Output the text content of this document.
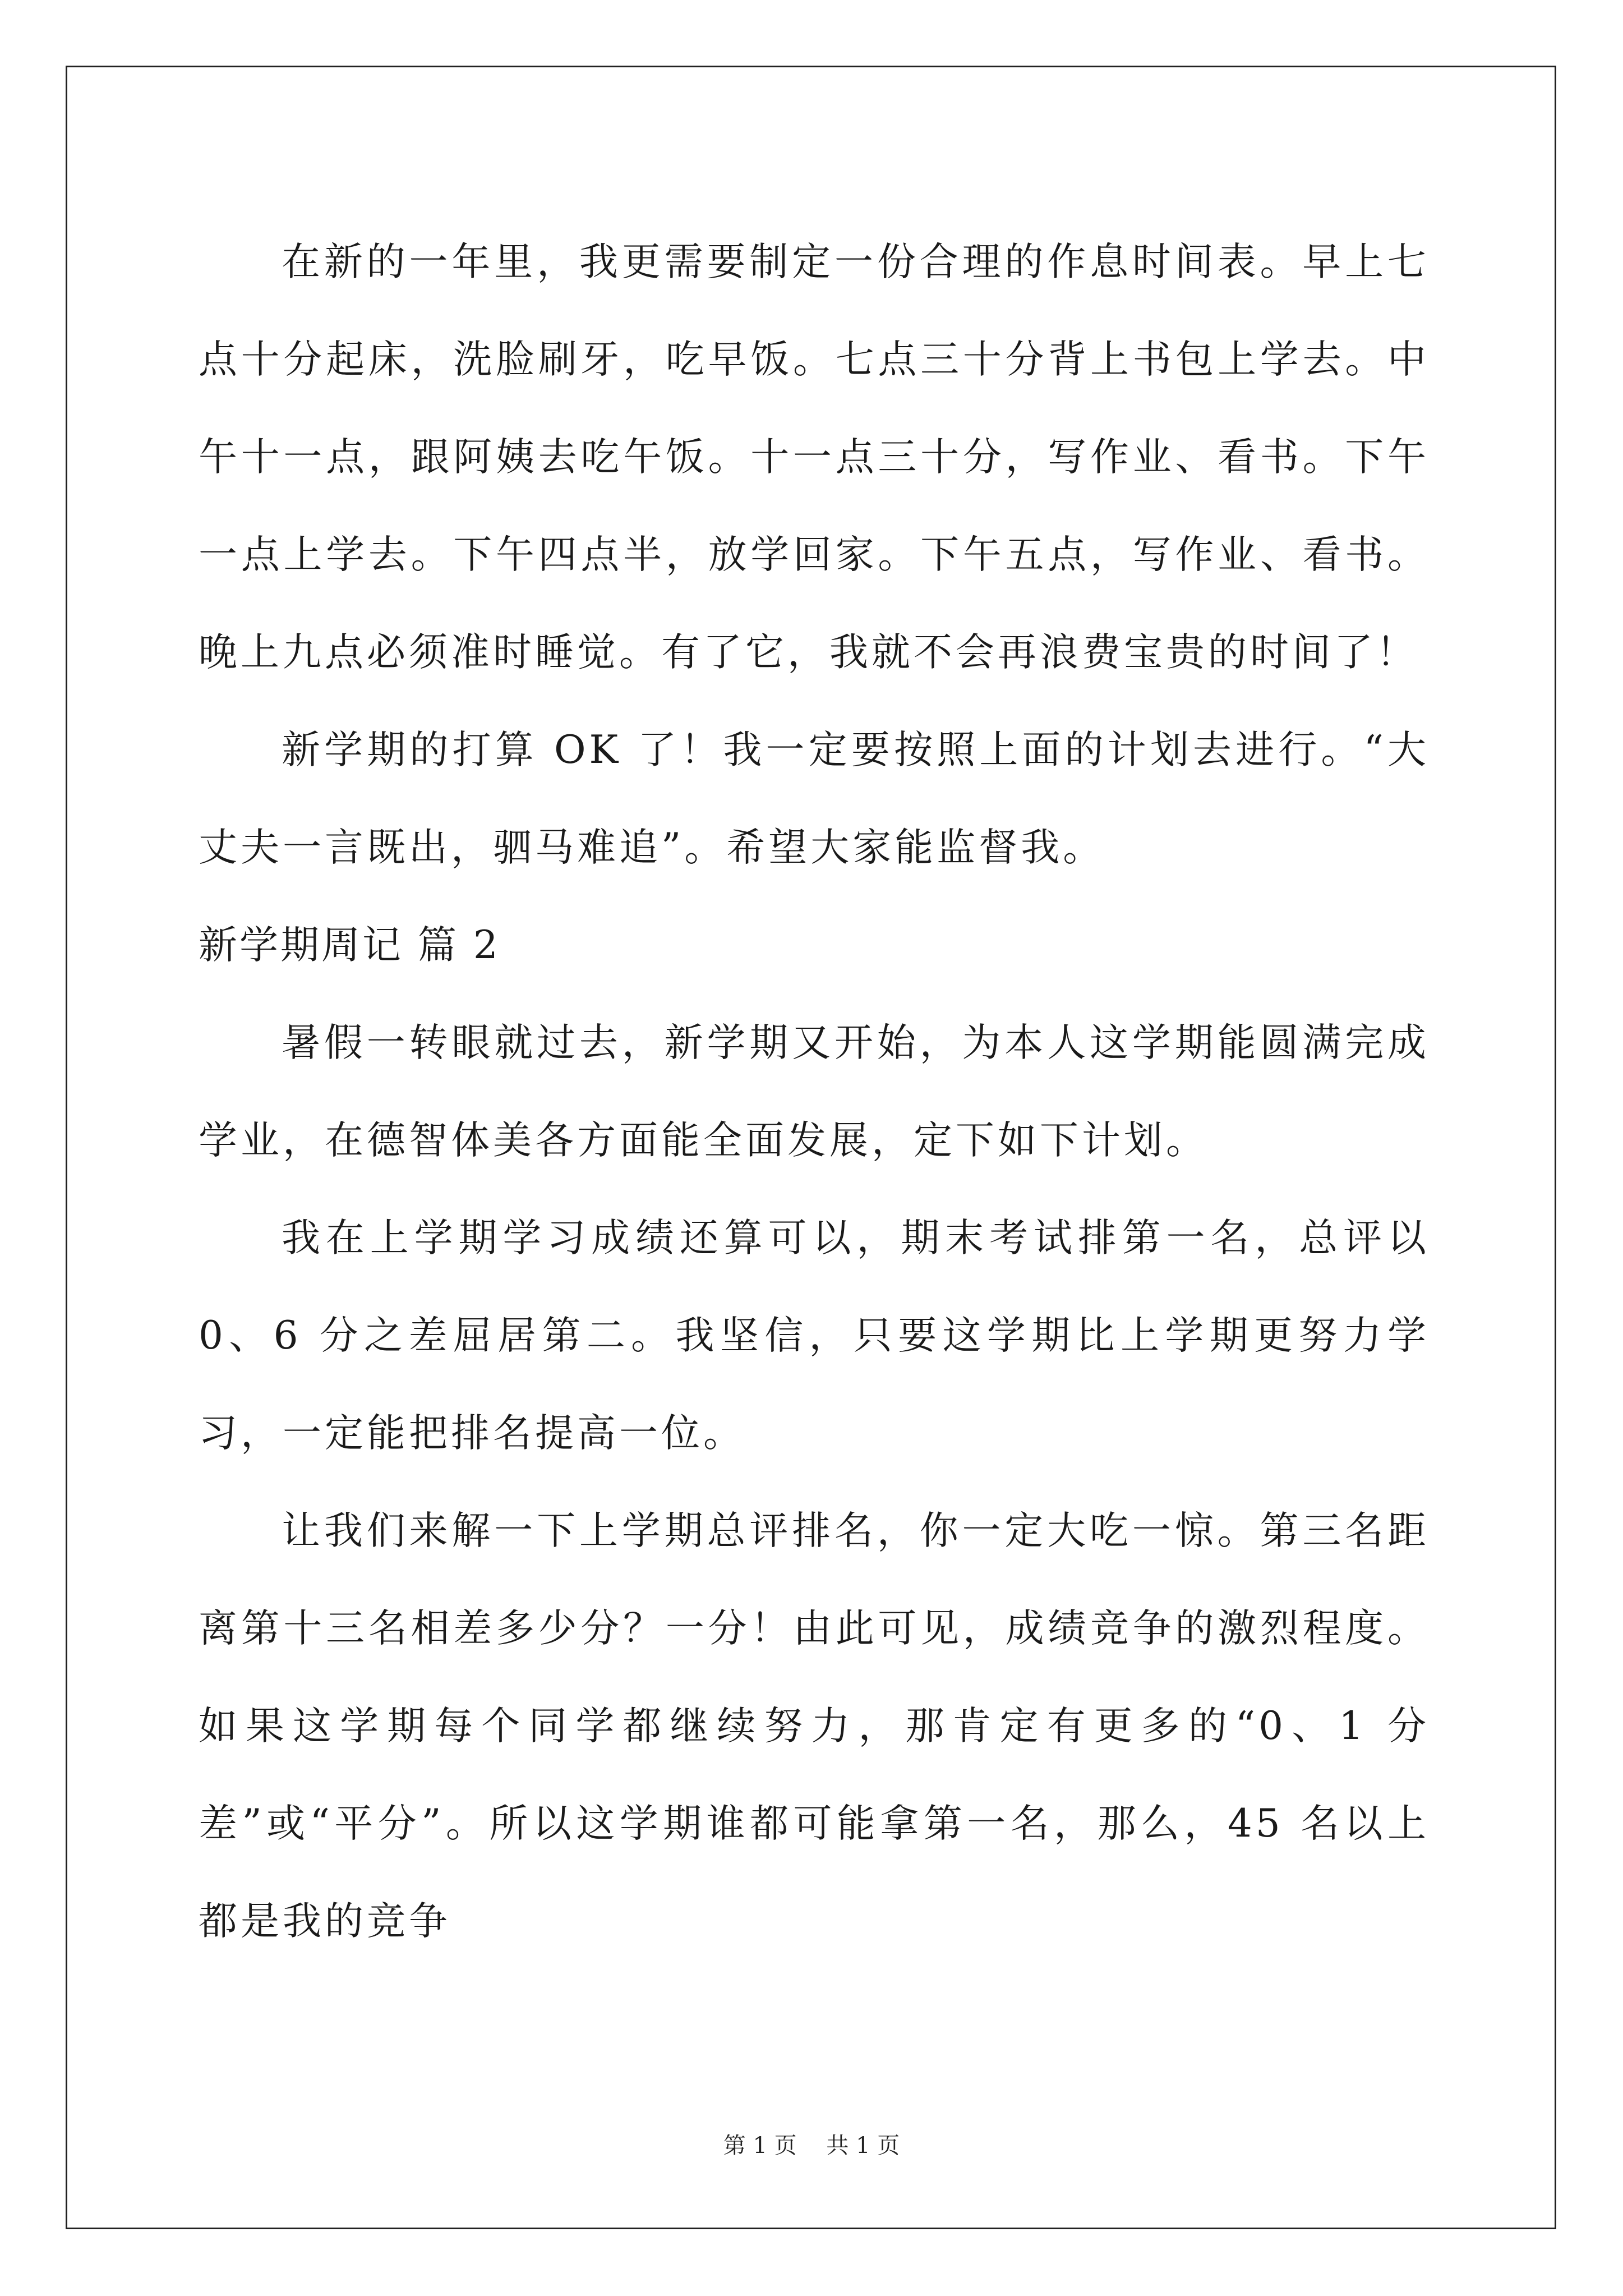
在新的一年里，我更需要制定一份合理的作息时间表。早上七点十分起床，洗脸刷牙，吃早饭。七点三十分背上书包上学去。中午十一点，跟阿姨去吃午饭。十一点三十分，写作业、看书。下午一点上学去。下午四点半，放学回家。下午五点，写作业、看书。晚上九点必须准时睡觉。有了它，我就不会再浪费宝贵的时间了！

新学期的打算 OK 了！我一定要按照上面的计划去进行。“大丈夫一言既出，驷马难追”。希望大家能监督我。

新学期周记 篇 2

暑假一转眼就过去，新学期又开始，为本人这学期能圆满完成学业，在德智体美各方面能全面发展，定下如下计划。

我在上学期学习成绩还算可以，期末考试排第一名，总评以 0、6 分之差屈居第二。我坚信，只要这学期比上学期更努力学习，一定能把排名提高一位。

让我们来解一下上学期总评排名，你一定大吃一惊。第三名距离第十三名相差多少分？一分！由此可见，成绩竞争的激烈程度。如果这学期每个同学都继续努力，那肯定有更多的“0、1 分差”或“平分”。所以这学期谁都可能拿第一名，那么，45 名以上都是我的竞争

第 1 页 共 1 页
